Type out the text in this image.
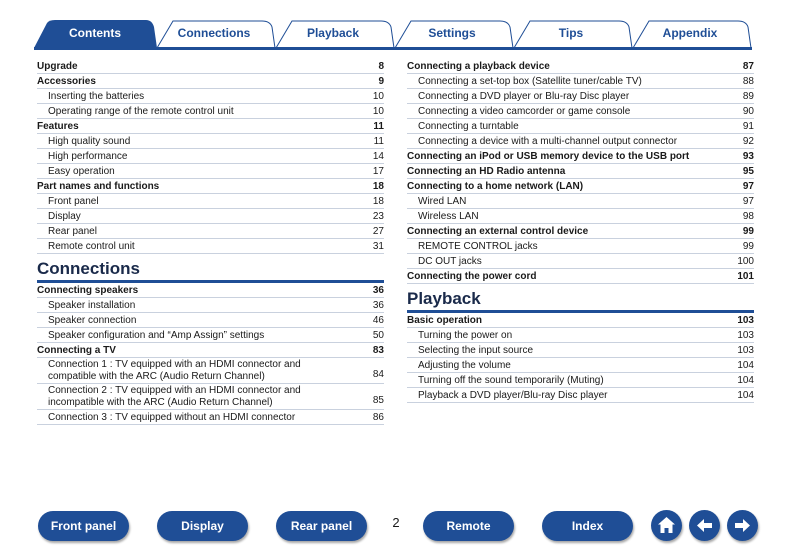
Contents	Connections	Playback	Settings	Tips	Appendix
Upgrade	8
Accessories	9
Inserting the batteries	10
Operating range of the remote control unit	10
Features	11
High quality sound	11
High performance	14
Easy operation	17
Part names and functions	18
Front panel	18
Display	23
Rear panel	27
Remote control unit	31
Connections
Connecting speakers	36
Speaker installation	36
Speaker connection	46
Speaker configuration and “Amp Assign” settings	50
Connecting a TV	83
Connection 1 : TV equipped with an HDMI connector and compatible with the ARC (Audio Return Channel)	84
Connection 2 : TV equipped with an HDMI connector and incompatible with the ARC (Audio Return Channel)	85
Connection 3 : TV equipped without an HDMI connector	86
Connecting a playback device	87
Connecting a set-top box (Satellite tuner/cable TV)	88
Connecting a DVD player or Blu-ray Disc player	89
Connecting a video camcorder or game console	90
Connecting a turntable	91
Connecting a device with a multi-channel output connector	92
Connecting an iPod or USB memory device to the USB port	93
Connecting an HD Radio antenna	95
Connecting to a home network (LAN)	97
Wired LAN	97
Wireless LAN	98
Connecting an external control device	99
REMOTE CONTROL jacks	99
DC OUT jacks	100
Connecting the power cord	101
Playback
Basic operation	103
Turning the power on	103
Selecting the input source	103
Adjusting the volume	104
Turning off the sound temporarily (Muting)	104
Playback a DVD player/Blu-ray Disc player	104
Front panel	Display	Rear panel	2	Remote	Index
